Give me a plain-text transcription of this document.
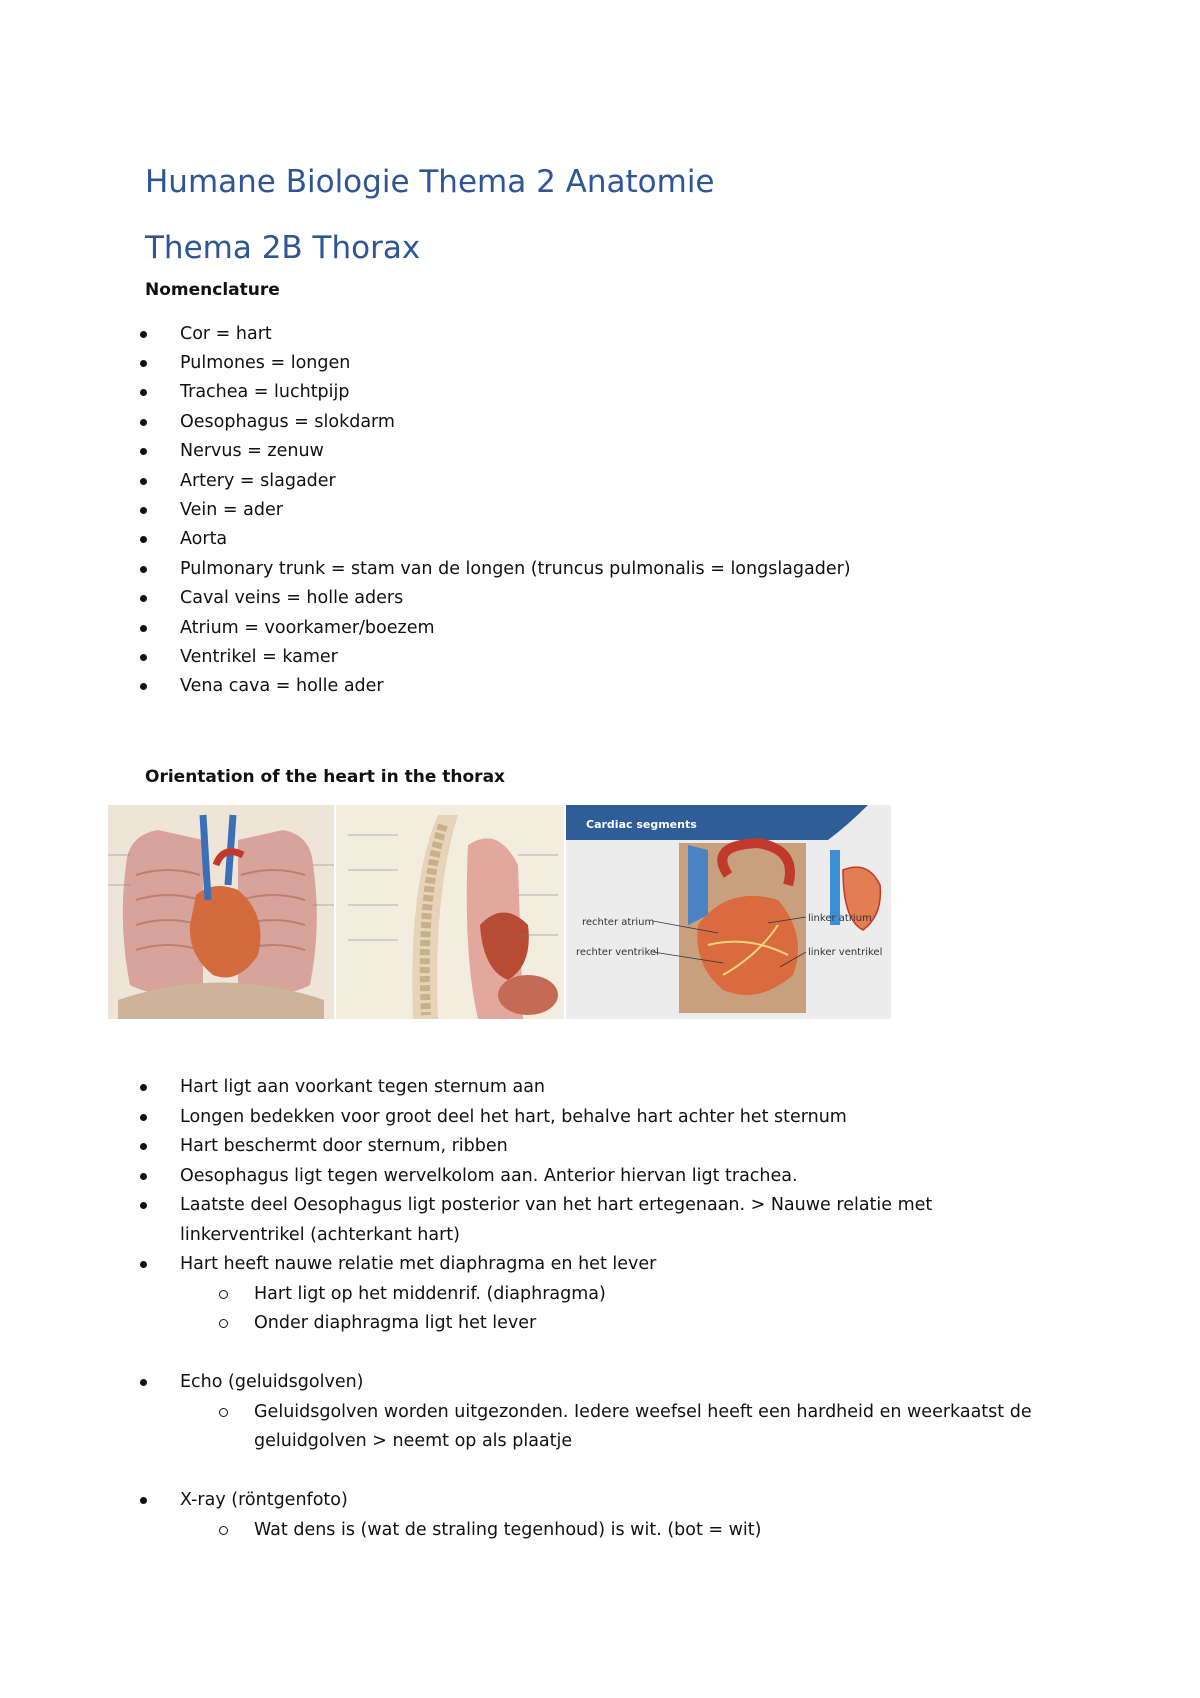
Humane Biologie Thema 2 Anatomie
Thema 2B Thorax
Nomenclature
Cor = hart
Pulmones = longen
Trachea = luchtpijp
Oesophagus = slokdarm
Nervus = zenuw
Artery = slagader
Vein = ader
Aorta
Pulmonary trunk = stam van de longen (truncus pulmonalis = longslagader)
Caval veins = holle aders
Atrium = voorkamer/boezem
Ventrikel = kamer
Vena cava = holle ader
Orientation of the heart in the thorax
Cardiac segments
rechter atrium
rechter ventrikel
linker atrium
linker ventrikel
Hart ligt aan voorkant tegen sternum aan
Longen bedekken voor groot deel het hart, behalve hart achter het sternum
Hart beschermt door sternum, ribben
Oesophagus ligt tegen wervelkolom aan. Anterior hiervan ligt trachea.
Laatste deel Oesophagus ligt posterior van het hart ertegenaan. > Nauwe relatie met
linkerventrikel (achterkant hart)
Hart heeft nauwe relatie met diaphragma en het lever
Hart ligt op het middenrif. (diaphragma)
Onder diaphragma ligt het lever
Echo (geluidsgolven)
Geluidsgolven worden uitgezonden. Iedere weefsel heeft een hardheid en weerkaatst de
geluidgolven > neemt op als plaatje
X-ray (röntgenfoto)
Wat dens is (wat de straling tegenhoud) is wit. (bot = wit)
